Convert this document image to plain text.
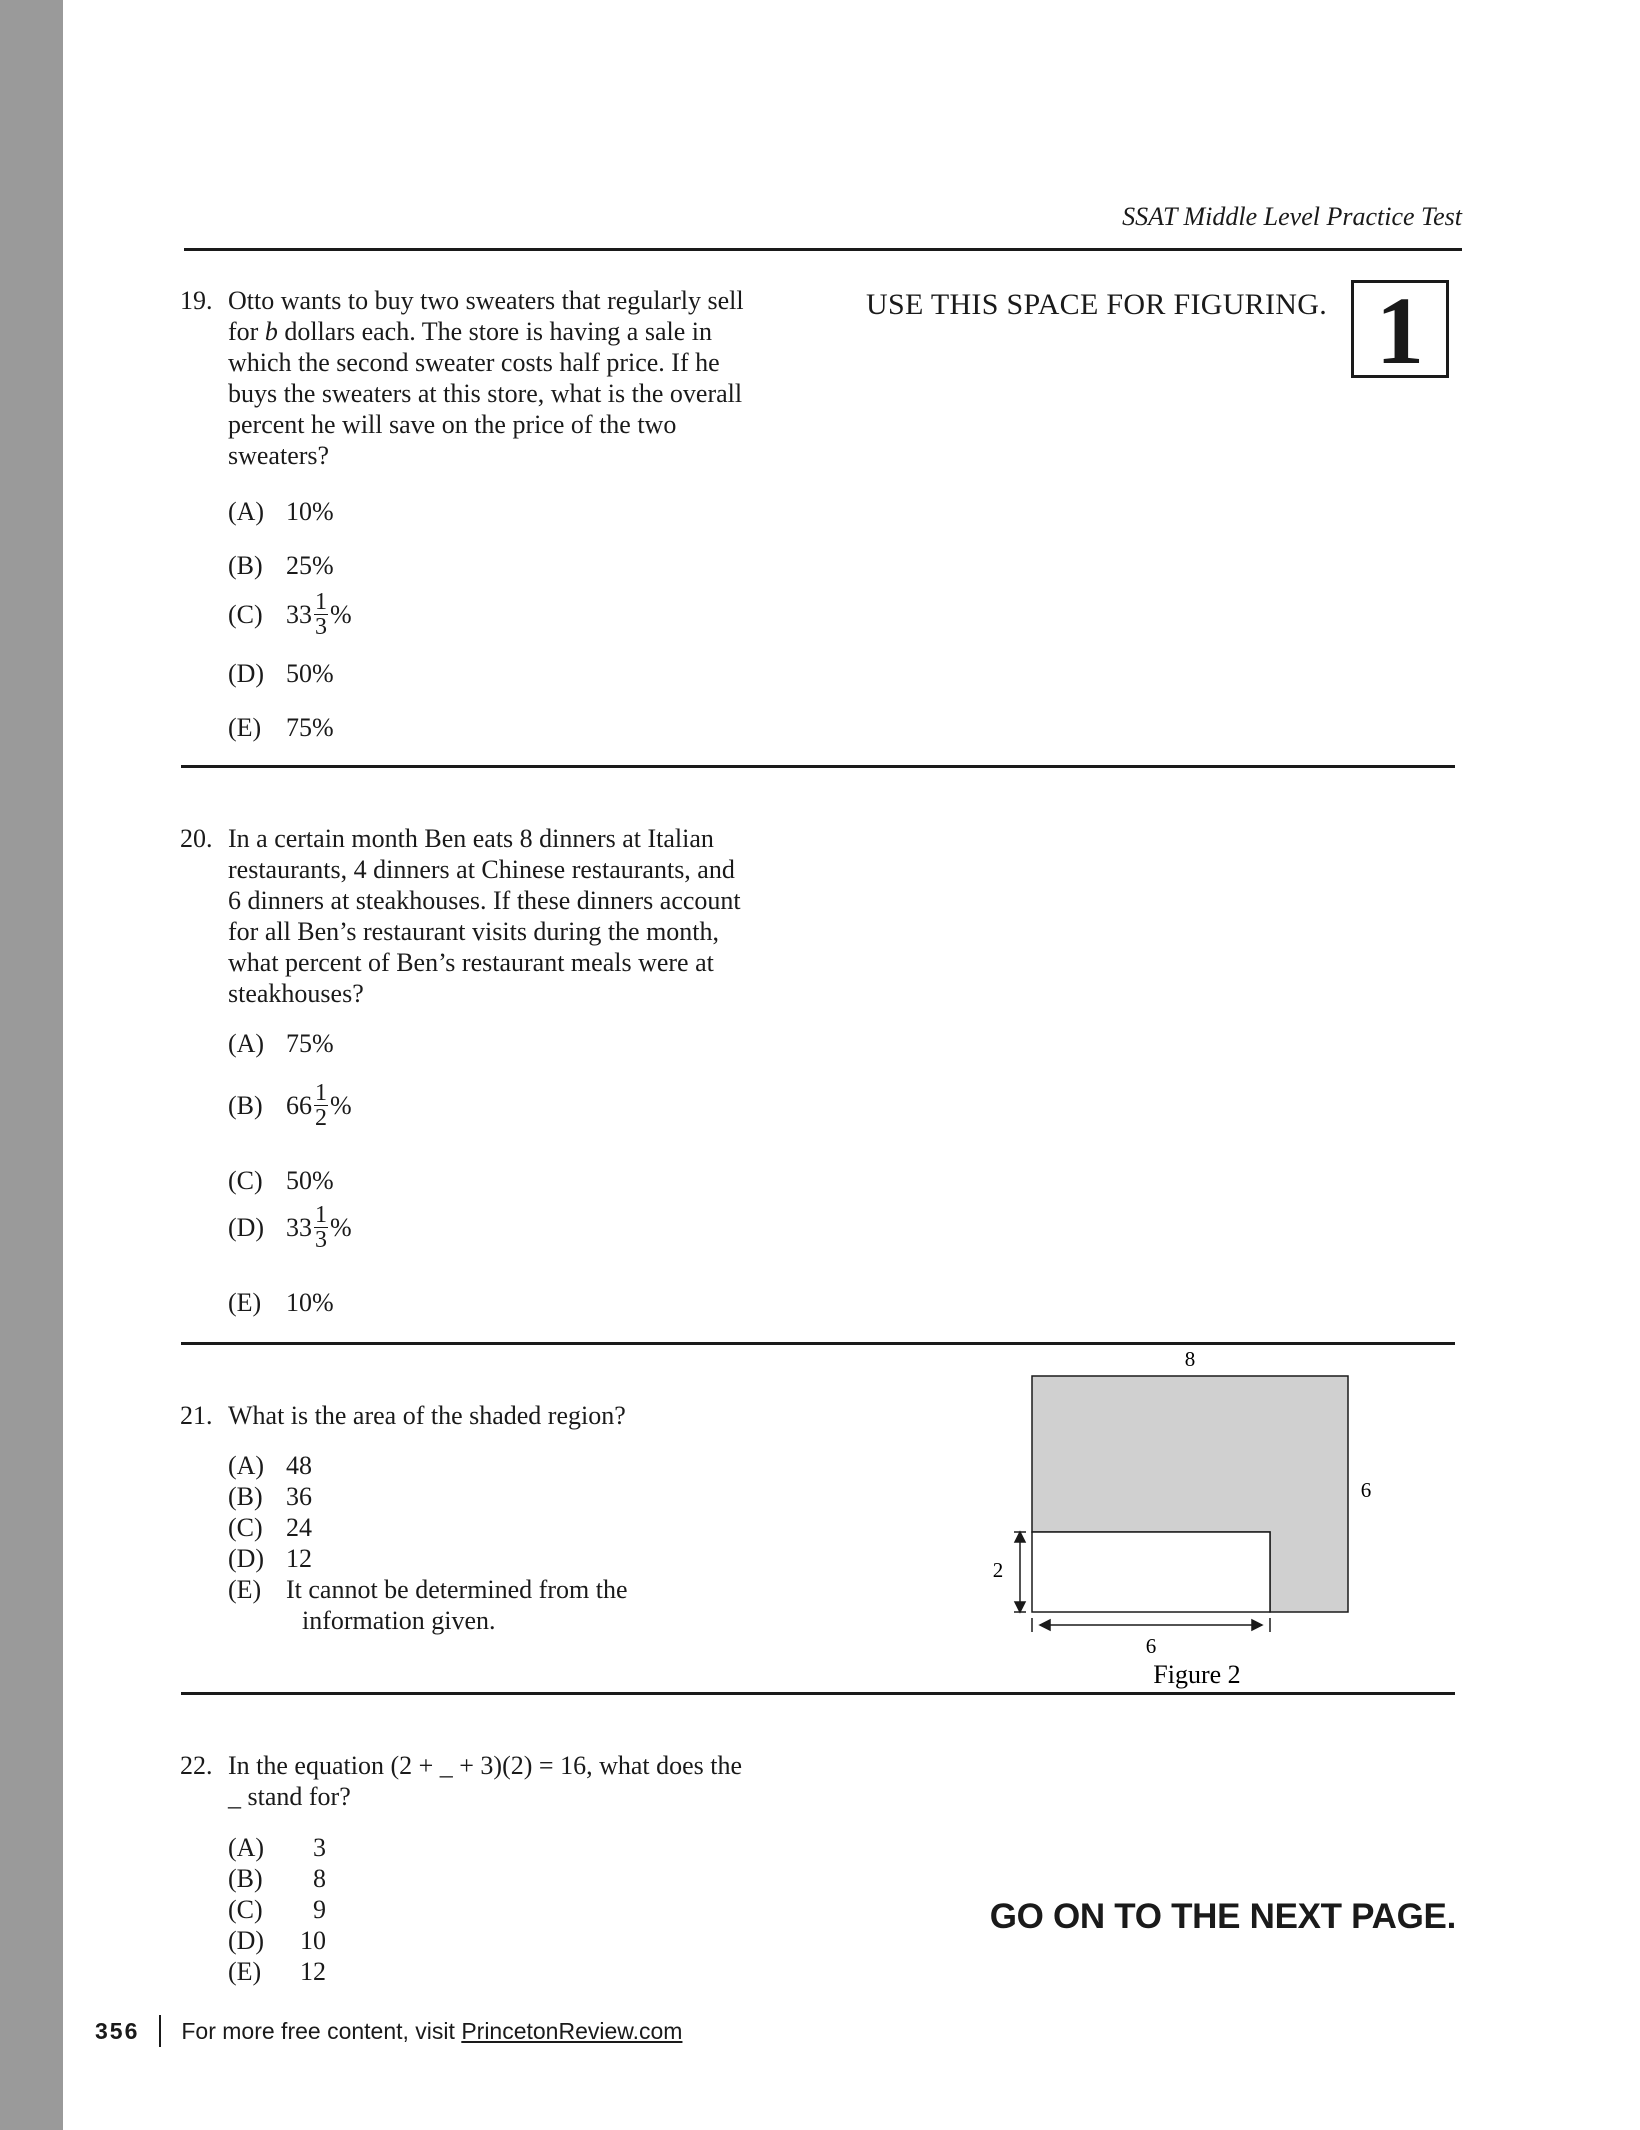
SSAT Middle Level Practice Test
USE THIS SPACE FOR FIGURING. 1
19. Otto wants to buy two sweaters that regularly sell
for b dollars each. The store is having a sale in
which the second sweater costs half price. If he
buys the sweaters at this store, what is the overall
percent he will save on the price of the two
sweaters?
(A) 10%
(B) 25%
(C) $33 \frac{1}{3}$ %
(D) 50%
(E) 75%
20. In a certain month Ben eats 8 dinners at Italian
restaurants, 4 dinners at Chinese restaurants, and
6 dinners at steakhouses. If these dinners account
for all Ben’s restaurant visits during the month,
what percent of Ben’s restaurant meals were at
steakhouses?
(A) 75%
(B) $66 \frac{1}{2}$ %
(C) 50%
(D) $33 \frac{1}{3}$ %
(E) 10%
21. What is the area of the shaded region?
(A) 48
(B) 36
(C) 24
(D) 12
(E) It cannot be determined from the
information given.
8
6
2
6
Figure 2
22. In the equation (2 + _ + 3)(2) = 16, what does the
_ stand for?
(A) 3
(B) 8
(C) 9
(D) 10
(E) 12
GO ON TO THE NEXT PAGE.
356 For more free content, visit PrincetonReview.com
